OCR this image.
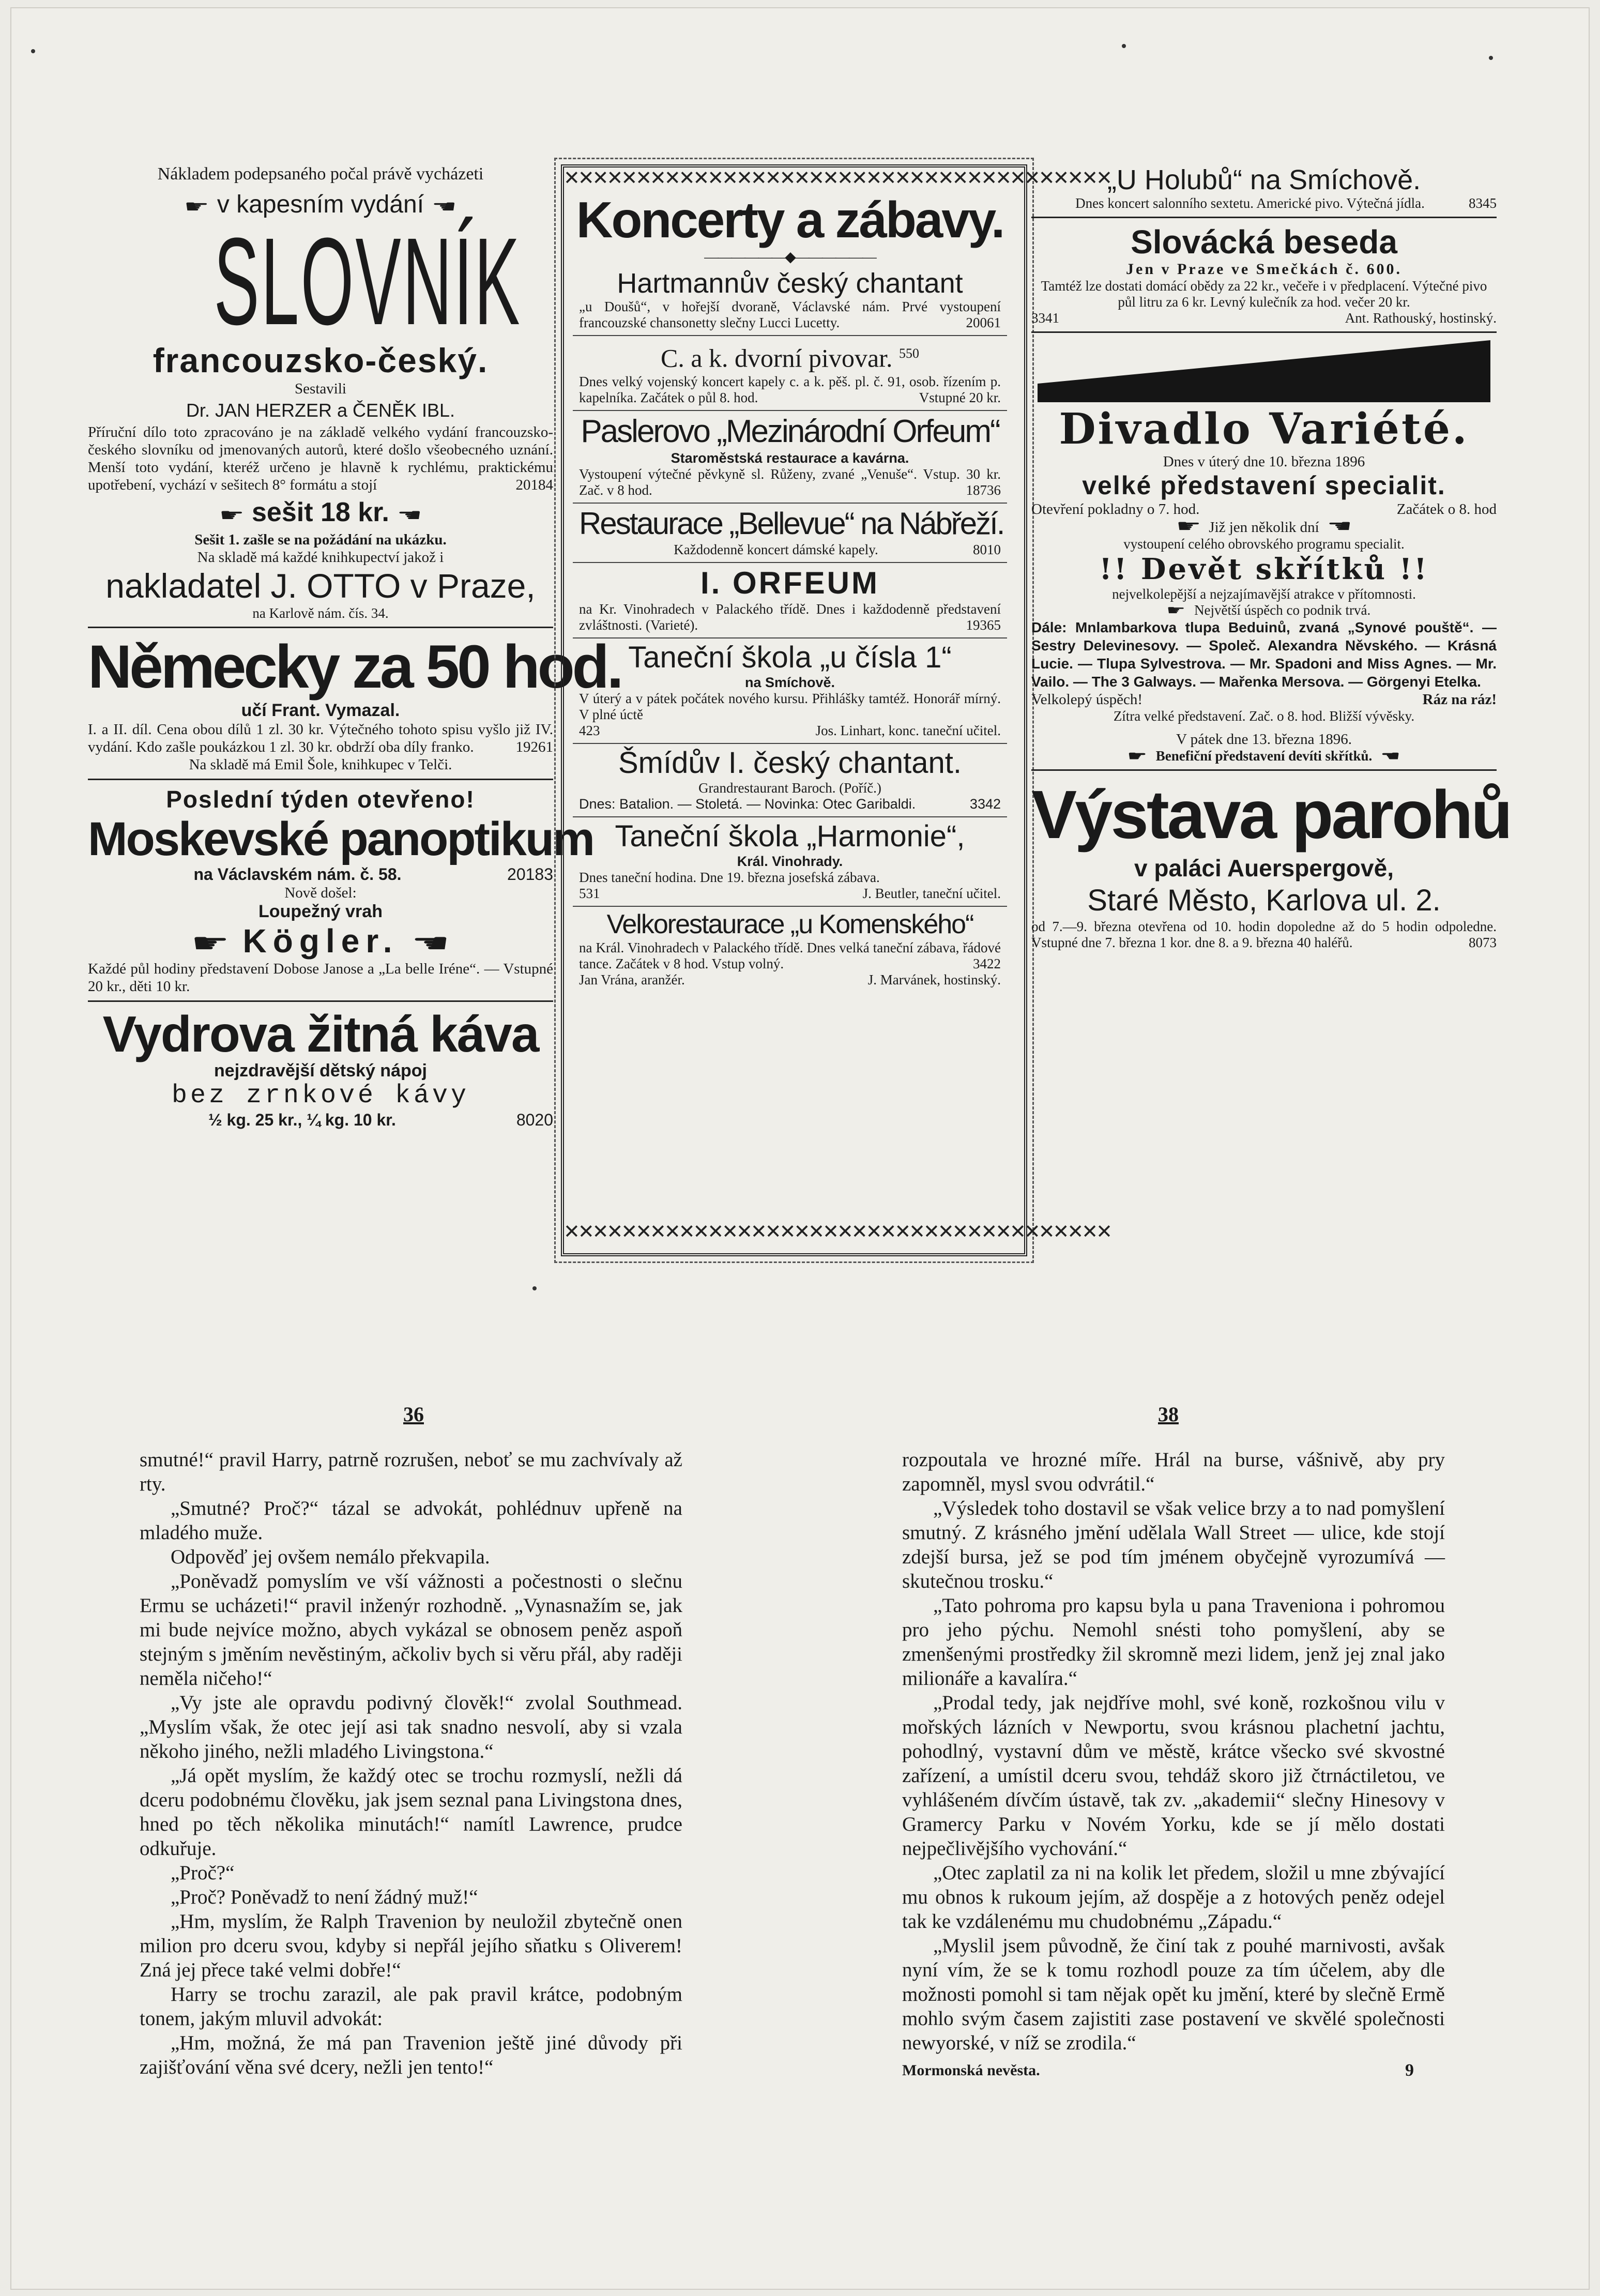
Nákladem podepsaného počal právě vycházeti
☛ v kapesním vydání ☛
SLOVNÍK
francouzsko-český.
Sestavili
Dr. JAN HERZER a ČENĚK IBL.
Příruční dílo toto zpracováno je na základě velkého vydání francouzsko-českého slovníku od jmenovaných autorů, které došlo všeobecného uznání. Menší toto vydání, kteréž určeno je hlavně k rychlému, praktickému upotřebení, vychází v sešitech 8° formátu a stojí	20184
☛ sešit 18 kr. ☛
Sešit 1. zašle se na požádání na ukázku.
Na skladě má každé knihkupectví jakož i
nakladatel J. OTTO v Praze,
na Karlově nám. čís. 34.
Německy za 50 hod.
učí Frant. Vymazal.
I. a II. díl. Cena obou dílů 1 zl. 30 kr. Výtečného tohoto spisu vyšlo již IV. vydání. Kdo zašle poukázkou 1 zl. 30 kr. obdrží oba díly franko.	19261
Na skladě má Emil Šole, knihkupec v Telči.
Poslední týden otevřeno!
Moskevské panoptikum
na Václavském nám. č. 58.	20183
Nově došel:
Loupežný vrah
☛ Kögler. ☛
Každé půl hodiny představení Dobose Janose a „La belle Iréne“. — Vstupné 20 kr., děti 10 kr.
Vydrova žitná káva
nejzdravější dětský nápoj
bez zrnkové kávy
½ kg. 25 kr., ¼ kg. 10 kr.	8020
✕✕✕✕✕✕✕✕✕✕✕✕✕✕✕✕✕✕✕✕✕✕✕✕✕✕✕✕✕✕✕✕✕✕✕✕✕✕
✕✕✕✕✕✕✕✕✕✕✕✕✕✕✕✕✕✕✕✕✕✕✕✕✕✕✕✕✕✕✕✕✕✕✕✕✕✕
Koncerty a zábavy.
——————◆——————
Hartmannův český chantant
„u Doušů“, v hořejší dvoraně, Václavské nám. Prvé vystoupení francouzské chansonetty slečny Lucci Lucetty.	20061
C. a k. dvorní pivovar. $^{550}$
Dnes velký vojenský koncert kapely c. a k. pěš. pl. č. 91, osob. řízením p. kapelníka. Začátek o půl 8. hod.	Vstupné 20 kr.
Paslerovo „Mezinárodní Orfeum“
Staroměstská restaurace a kavárna.
Vystoupení výtečné pěvkyně sl. Růženy, zvané „Venuše“. Vstup. 30 kr. Zač. v 8 hod.	18736
Restaurace „Bellevue“ na Nábřeží.
Každodenně koncert dámské kapely.	8010
I. ORFEUM
na Kr. Vinohradech v Palackého třídě. Dnes i každodenně představení zvláštnosti. (Varieté).	19365
Taneční škola „u čísla 1“
na Smíchově.
V úterý a v pátek počátek nového kursu. Přihlášky tamtéž. Honorář mírný. V plné úctě
423	Jos. Linhart, konc. taneční učitel.
Šmídův I. český chantant.
Grandrestaurant Baroch. (Poříč.)
Dnes: Batalion. — Stoletá. — Novinka: Otec Garibaldi.	3342
Taneční škola „Harmonie“,
Král. Vinohrady.
Dnes taneční hodina. Dne 19. března josefská zábava.
531	J. Beutler, taneční učitel.
Velkorestaurace „u Komenského“
na Král. Vinohradech v Palackého třídě. Dnes velká taneční zábava, řádové tance. Začátek v 8 hod. Vstup volný.	3422
Jan Vrána, aranžér.	J. Marvánek, hostinský.
„U Holubů“ na Smíchově.
Dnes koncert salonního sextetu. Americké pivo. Výtečná jídla.	8345
Slovácká beseda
Jen v Praze ve Smečkách č. 600.
Tamtéž lze dostati domácí obědy za 22 kr., večeře i v předplacení. Výtečné pivo půl litru za 6 kr. Levný kulečník za hod. večer 20 kr.
3341	Ant. Rathouský, hostinský.
Divadlo Variété.
Dnes v úterý dne 10. března 1896
velké představení specialit.
Otevření pokladny o 7. hod.	Začátek o 8. hod
☛ Již jen několik dní ☛
vystoupení celého obrovského programu specialit.
!! Devět skřítků !!
nejvelkolepější a nejzajímavější atrakce v přítomnosti.
☛ Největší úspěch co podnik trvá.
Dále: Mnlambarkova tlupa Beduinů, zvaná „Synové pouště“. — Sestry Delevinesovy. — Společ. Alexandra Něvského. — Krásná Lucie. — Tlupa Sylvestrova. — Mr. Spadoni and Miss Agnes. — Mr. Vailo. — The 3 Galways. — Mařenka Mersova. — Görgenyi Etelka.
Velkolepý úspěch!	Ráz na ráz!
Zítra velké představení. Zač. o 8. hod. Bližší vývěsky.
V pátek dne 13. března 1896.
☛ Benefiční představení devíti skřítků. ☛
Výstava parohů
v paláci Auerspergově,
Staré Město, Karlova ul. 2.
od 7.—9. března otevřena od 10. hodin dopoledne až do 5 hodin odpoledne. Vstupné dne 7. března 1 kor. dne 8. a 9. března 40 haléřů.	8073
36

smutné!“ pravil Harry, patrně rozrušen, neboť se mu zachvívaly až rty.

„Smutné? Proč?“ tázal se advokát, pohlédnuv upřeně na mladého muže.

Odpověď jej ovšem nemálo překvapila.

„Poněvadž pomyslím ve vší vážnosti a počestnosti o slečnu Ermu se ucházeti!“ pravil inženýr rozhodně. „Vynasnažím se, jak mi bude nejvíce možno, abych vykázal se obnosem peněz aspoň stejným s jměním nevěstiným, ačkoliv bych si věru přál, aby raději neměla ničeho!“

„Vy jste ale opravdu podivný člověk!“ zvolal Southmead. „Myslím však, že otec její asi tak snadno nesvolí, aby si vzala někoho jiného, nežli mladého Livingstona.“

„Já opět myslím, že každý otec se trochu rozmyslí, nežli dá dceru podobnému člověku, jak jsem seznal pana Livingstona dnes, hned po těch několika minutách!“ namítl Lawrence, prudce odkuřuje.

„Proč?“

„Proč? Poněvadž to není žádný muž!“

„Hm, myslím, že Ralph Travenion by neuložil zbytečně onen milion pro dceru svou, kdyby si nepřál jejího sňatku s Oliverem! Zná jej přece také velmi dobře!“

Harry se trochu zarazil, ale pak pravil krátce, podobným tonem, jakým mluvil advokát:

„Hm, možná, že má pan Travenion ještě jiné důvody při zajišťování věna své dcery, nežli jen tento!“

38

rozpoutala ve hrozné míře. Hrál na burse, vášnivě, aby pry zapomněl, mysl svou odvrátil.“

„Výsledek toho dostavil se však velice brzy a to nad pomyšlení smutný. Z krásného jmění udělala Wall Street — ulice, kde stojí zdejší bursa, jež se pod tím jménem obyčejně vyrozumívá — skutečnou trosku.“

„Tato pohroma pro kapsu byla u pana Travenionа i pohromou pro jeho pýchu. Nemohl snésti toho pomyšlení, aby se zmenšenými prostředky žil skromně mezi lidem, jenž jej znal jako milionáře a kavalíra.“

„Prodal tedy, jak nejdříve mohl, své koně, rozkošnou vilu v mořských lázních v Newportu, svou krásnou plachetní jachtu, pohodlný, vystavní dům ve městě, krátce všecko své skvostné zařízení, a umístil dceru svou, tehdáž skoro již čtrnáctiletou, ve vyhlášeném dívčím ústavě, tak zv. „akademii“ slečny Hinesovy v Gramercy Parku v Novém Yorku, kde se jí mělo dostati nejpečlivějšího vychování.“

„Otec zaplatil za ni na kolik let předem, složil u mne zbývající mu obnos k rukoum jejím, až dospěje a z hotových peněz odejel tak ke vzdálenému mu chudobnému „Západu.“

„Myslil jsem původně, že činí tak z pouhé marnivosti, avšak nyní vím, že se k tomu rozhodl pouze za tím účelem, aby dle možnosti pomohl si tam nějak opět ku jmění, které by slečně Ermě mohlo svým časem zajistiti zase postavení ve skvělé společnosti newyorské, v níž se zrodila.“

Mormonská nevěsta.	9
